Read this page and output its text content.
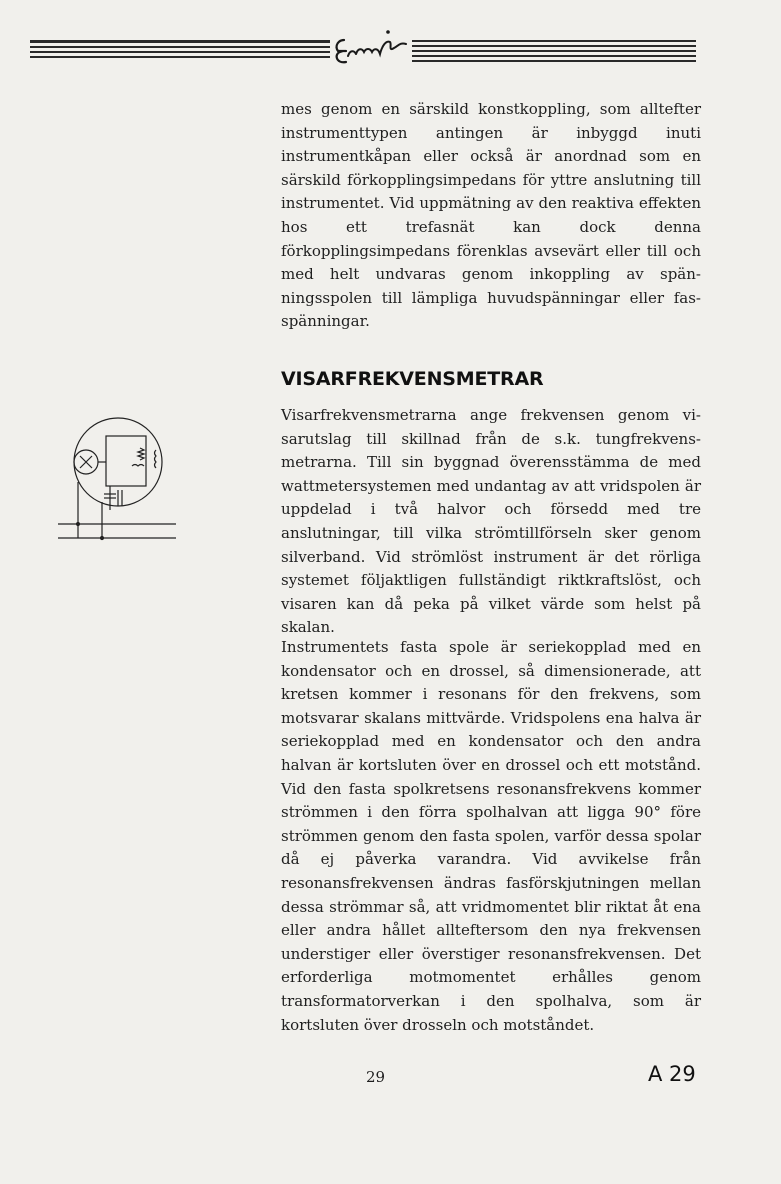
mes genom en särskild konstkoppling, som alltefter instrumenttypen antingen är inbyggd inuti instrumentkåpan eller också är anordnad som en särskild förkopplingsimpedans för yttre anslutning till instrumentet. Vid uppmätning av den reaktiva effekten hos ett trefasnät kan dock denna förkopplingsimpedans förenklas avsevärt eller till och med helt undvaras genom inkoppling av spänningsspolen till lämpliga huvudspänningar eller fasspänningar.
VISARFREKVENSMETRAR
Visarfrekvensmetrarna ange frekvensen genom visarutslag till skillnad från de s.k. tungfrekvensmetrarna. Till sin byggnad överensstämma de med wattmetersystemen med undantag av att vridspolen är uppdelad i två halvor och försedd med tre anslutningar, till vilka strömtillförseln sker genom silverband. Vid strömlöst instrument är det rörliga systemet följaktligen fullständigt riktkraftslöst, och visaren kan då peka på vilket värde som helst på skalan.
Instrumentets fasta spole är seriekopplad med en kondensator och en drossel, så dimensionerade, att kretsen kommer i resonans för den frekvens, som motsvarar skalans mittvärde. Vridspolens ena halva är seriekopplad med en kondensator och den andra halvan är kortsluten över en drossel och ett motstånd. Vid den fasta spolkretsens resonansfrekvens kommer strömmen i den förra spolhalvan att ligga 90° före strömmen genom den fasta spolen, varför dessa spolar då ej påverka varandra. Vid avvikelse från resonansfrekvensen ändras fasförskjutningen mellan dessa strömmar så, att vridmomentet blir riktat åt ena eller andra hållet allteftersom den nya frekvensen understiger eller överstiger resonansfrekvensen. Det erforderliga motmomentet erhålles genom transformatorverkan i den spolhalva, som är kortsluten över drosseln och motståndet.
29	A 29
